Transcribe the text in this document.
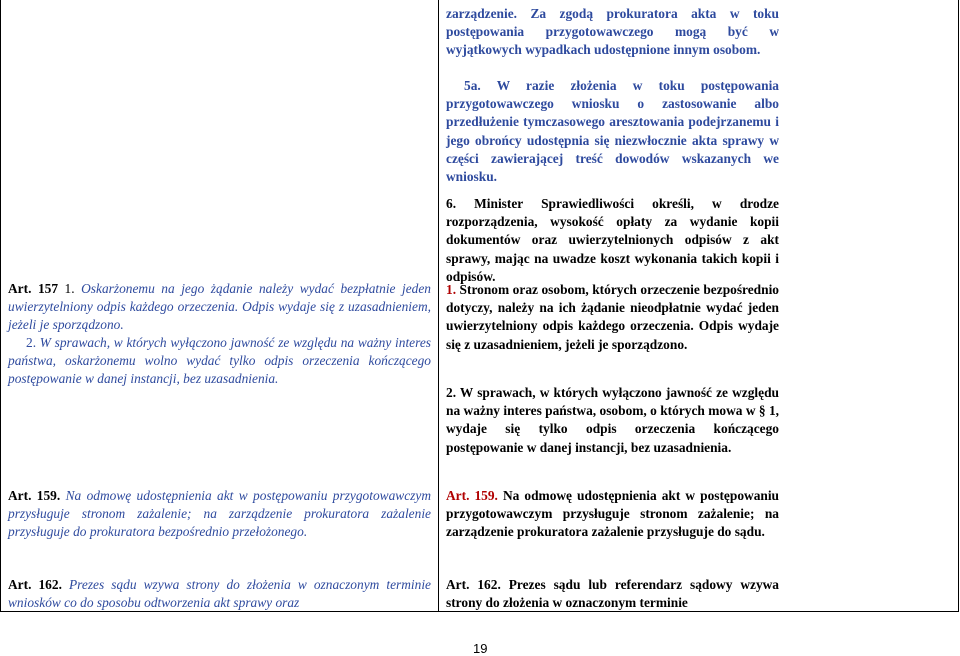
zarządzenie. Za zgodą prokuratora akta w toku postępowania przygotowawczego mogą być w wyjątkowych wypadkach udostępnione innym osobom.

5a. W razie złożenia w toku postępowania przygotowawczego wniosku o zastosowanie albo przedłużenie tymczasowego aresztowania podejrzanemu i jego obrońcy udostępnia się niezwłocznie akta sprawy w części zawierającej treść dowodów wskazanych we wniosku.

6. Minister Sprawiedliwości określi, w drodze rozporządzenia, wysokość opłaty za wydanie kopii dokumentów oraz uwierzytelnionych odpisów z akt sprawy, mając na uwadze koszt wykonania takich kopii i odpisów.

1. Stronom oraz osobom, których orzeczenie bezpośrednio dotyczy, należy na ich żądanie nieodpłatnie wydać jeden uwierzytelniony odpis każdego orzeczenia. Odpis wydaje się z uzasadnieniem, jeżeli je sporządzono.

2. W sprawach, w których wyłączono jawność ze względu na ważny interes państwa, osobom, o których mowa w § 1, wydaje się tylko odpis orzeczenia kończącego postępowanie w danej instancji, bez uzasadnienia.

Art. 159. Na odmowę udostępnienia akt w postępowaniu przygotowawczym przysługuje stronom zażalenie; na zarządzenie prokuratora zażalenie przysługuje do sądu.

Art. 162. Prezes sądu lub referendarz sądowy wzywa strony do złożenia w oznaczonym terminie

Art. 157 1. Oskarżonemu na jego żądanie należy wydać bezpłatnie jeden uwierzytelniony odpis każdego orzeczenia. Odpis wydaje się z uzasadnieniem, jeżeli je sporządzono.

2. W sprawach, w których wyłączono jawność ze względu na ważny interes państwa, oskarżonemu wolno wydać tylko odpis orzeczenia kończącego postępowanie w danej instancji, bez uzasadnienia.

Art. 159. Na odmowę udostępnienia akt w postępowaniu przygotowawczym przysługuje stronom zażalenie; na zarządzenie prokuratora zażalenie przysługuje do prokuratora bezpośrednio przełożonego.

Art. 162. Prezes sądu wzywa strony do złożenia w oznaczonym terminie wniosków co do sposobu odtworzenia akt sprawy oraz

19
